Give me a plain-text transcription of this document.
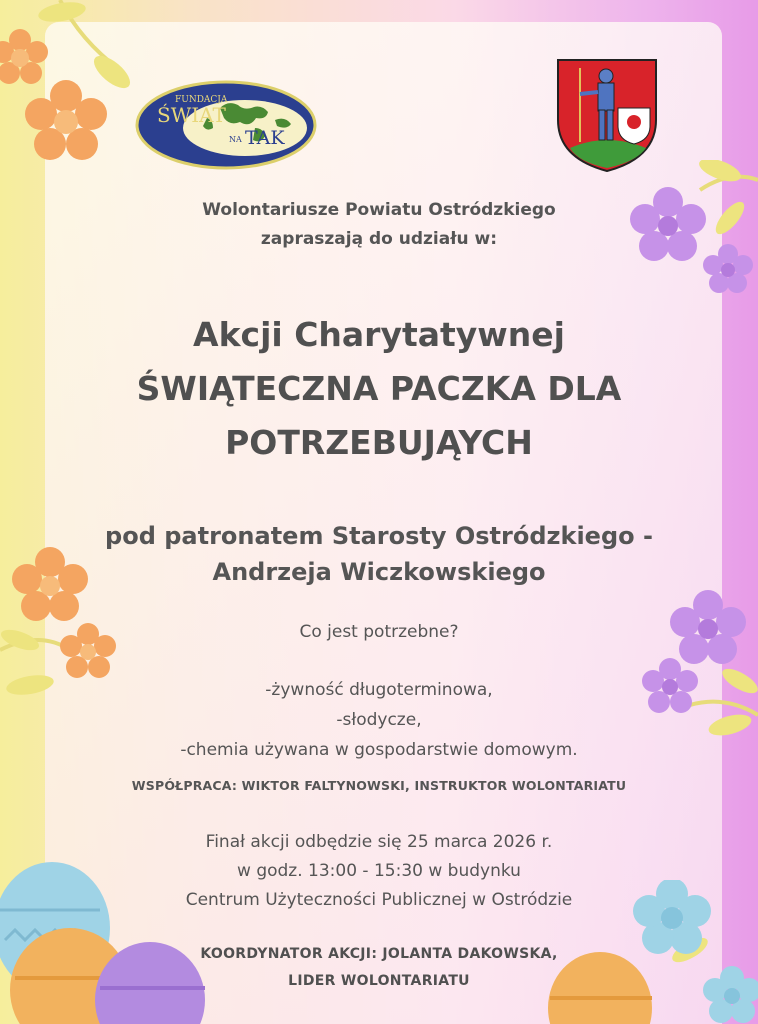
FUNDACJA
ŚWIAT
NA TAK
Wolontariusze Powiatu Ostródzkiego
zapraszają do udziału w:
Akcji Charytatywnej
ŚWIĄTECZNA PACZKA DLA
POTRZEBUJĄYCH
pod patronatem Starosty Ostródzkiego -
Andrzeja Wiczkowskiego
Co jest potrzebne?
-żywność długoterminowa,
-słodycze,
-chemia używana w gospodarstwie domowym.
WSPÓŁPRACA: WIKTOR FALTYNOWSKI, INSTRUKTOR WOLONTARIATU
Finał akcji odbędzie się 25 marca 2026 r.
w godz. 13:00 - 15:30 w budynku
Centrum Użyteczności Publicznej w Ostródzie
KOORDYNATOR AKCJI: JOLANTA DAKOWSKA,
LIDER WOLONTARIATU
